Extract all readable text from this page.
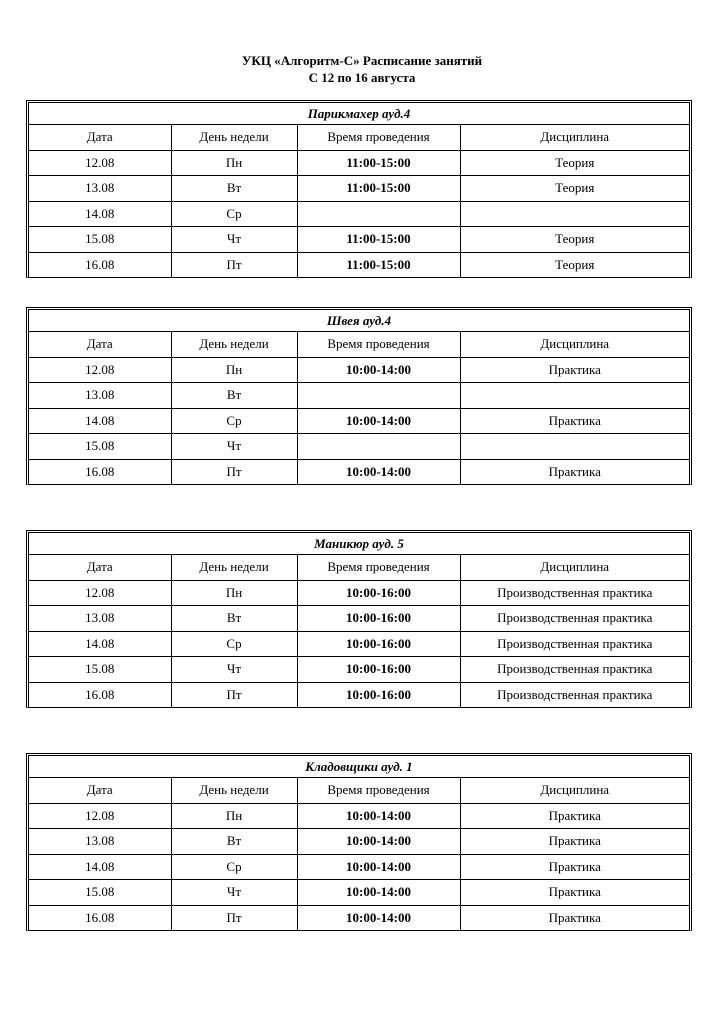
УКЦ «Алгоритм-С» Расписание занятий
С 12 по 16 августа
Парикмахер ауд.4			
Дата	День недели	Время проведения	Дисциплина
12.08	Пн	11:00-15:00	Теория
13.08	Вт	11:00-15:00	Теория
14.08	Ср		
15.08	Чт	11:00-15:00	Теория
16.08	Пт	11:00-15:00	Теория
Швея ауд.4			
Дата	День недели	Время проведения	Дисциплина
12.08	Пн	10:00-14:00	Практика
13.08	Вт		
14.08	Ср	10:00-14:00	Практика
15.08	Чт		
16.08	Пт	10:00-14:00	Практика
Маникюр ауд. 5			
Дата	День недели	Время проведения	Дисциплина
12.08	Пн	10:00-16:00	Производственная практика
13.08	Вт	10:00-16:00	Производственная практика
14.08	Ср	10:00-16:00	Производственная практика
15.08	Чт	10:00-16:00	Производственная практика
16.08	Пт	10:00-16:00	Производственная практика
Кладовщики ауд. 1			
Дата	День недели	Время проведения	Дисциплина
12.08	Пн	10:00-14:00	Практика
13.08	Вт	10:00-14:00	Практика
14.08	Ср	10:00-14:00	Практика
15.08	Чт	10:00-14:00	Практика
16.08	Пт	10:00-14:00	Практика
